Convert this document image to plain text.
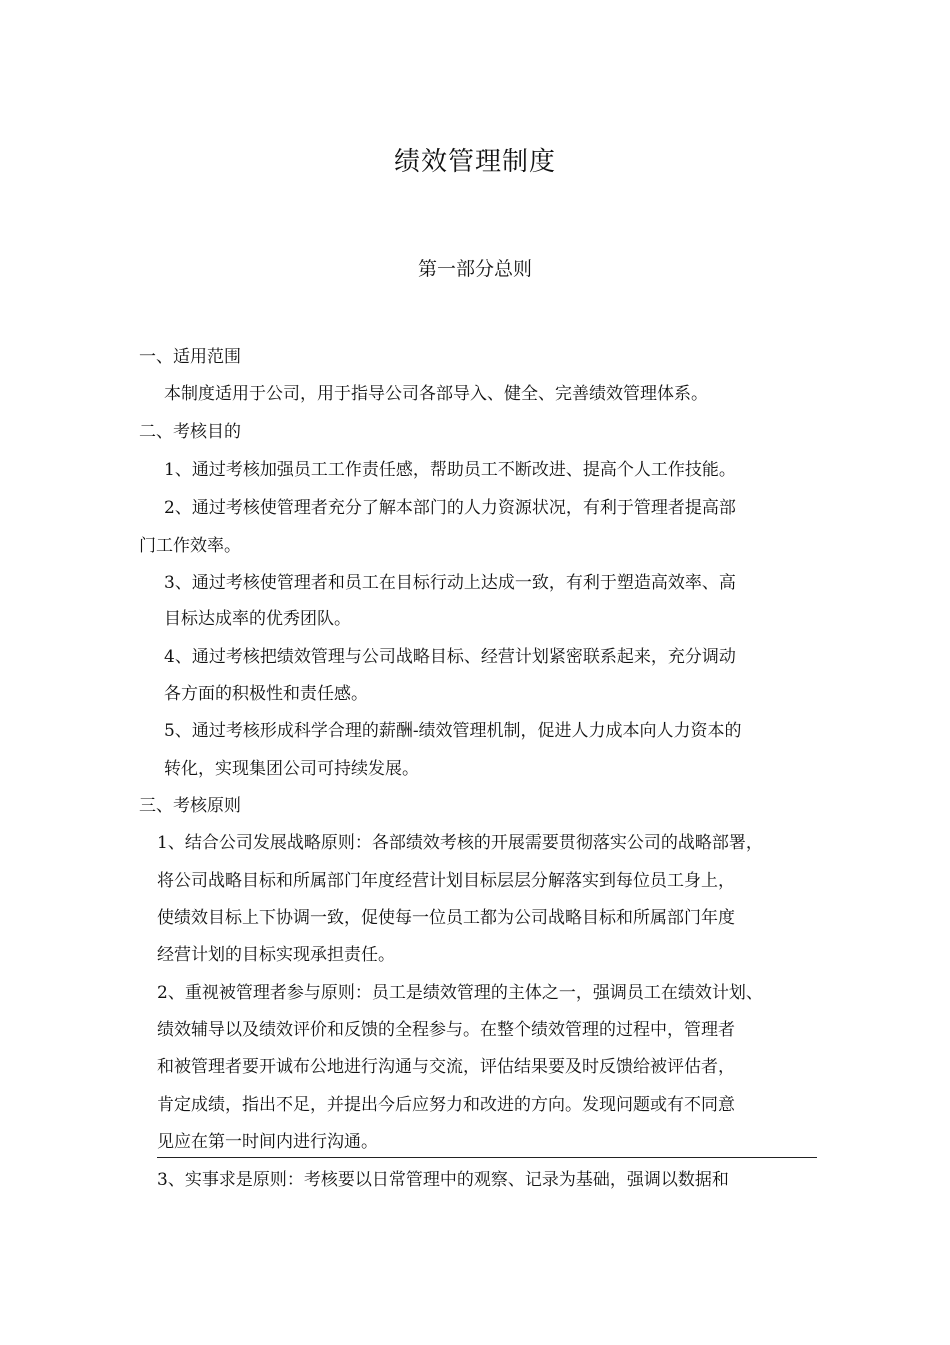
绩效管理制度
第一部分总则
一、适用范围
本制度适用于公司，用于指导公司各部导入、健全、完善绩效管理体系。
二、考核目的
1、通过考核加强员工工作责任感，帮助员工不断改进、提高个人工作技能。
2、通过考核使管理者充分了解本部门的人力资源状况，有利于管理者提高部
门工作效率。
3、通过考核使管理者和员工在目标行动上达成一致，有利于塑造高效率、高
目标达成率的优秀团队。
4、通过考核把绩效管理与公司战略目标、经营计划紧密联系起来，充分调动
各方面的积极性和责任感。
5、通过考核形成科学合理的薪酬-绩效管理机制，促进人力成本向人力资本的
转化，实现集团公司可持续发展。
三、考核原则
1、结合公司发展战略原则：各部绩效考核的开展需要贯彻落实公司的战略部署，
将公司战略目标和所属部门年度经营计划目标层层分解落实到每位员工身上，
使绩效目标上下协调一致，促使每一位员工都为公司战略目标和所属部门年度
经营计划的目标实现承担责任。
2、重视被管理者参与原则：员工是绩效管理的主体之一，强调员工在绩效计划、
绩效辅导以及绩效评价和反馈的全程参与。在整个绩效管理的过程中，管理者
和被管理者要开诚布公地进行沟通与交流，评估结果要及时反馈给被评估者，
肯定成绩，指出不足，并提出今后应努力和改进的方向。发现问题或有不同意
见应在第一时间内进行沟通。
3、实事求是原则：考核要以日常管理中的观察、记录为基础，强调以数据和
